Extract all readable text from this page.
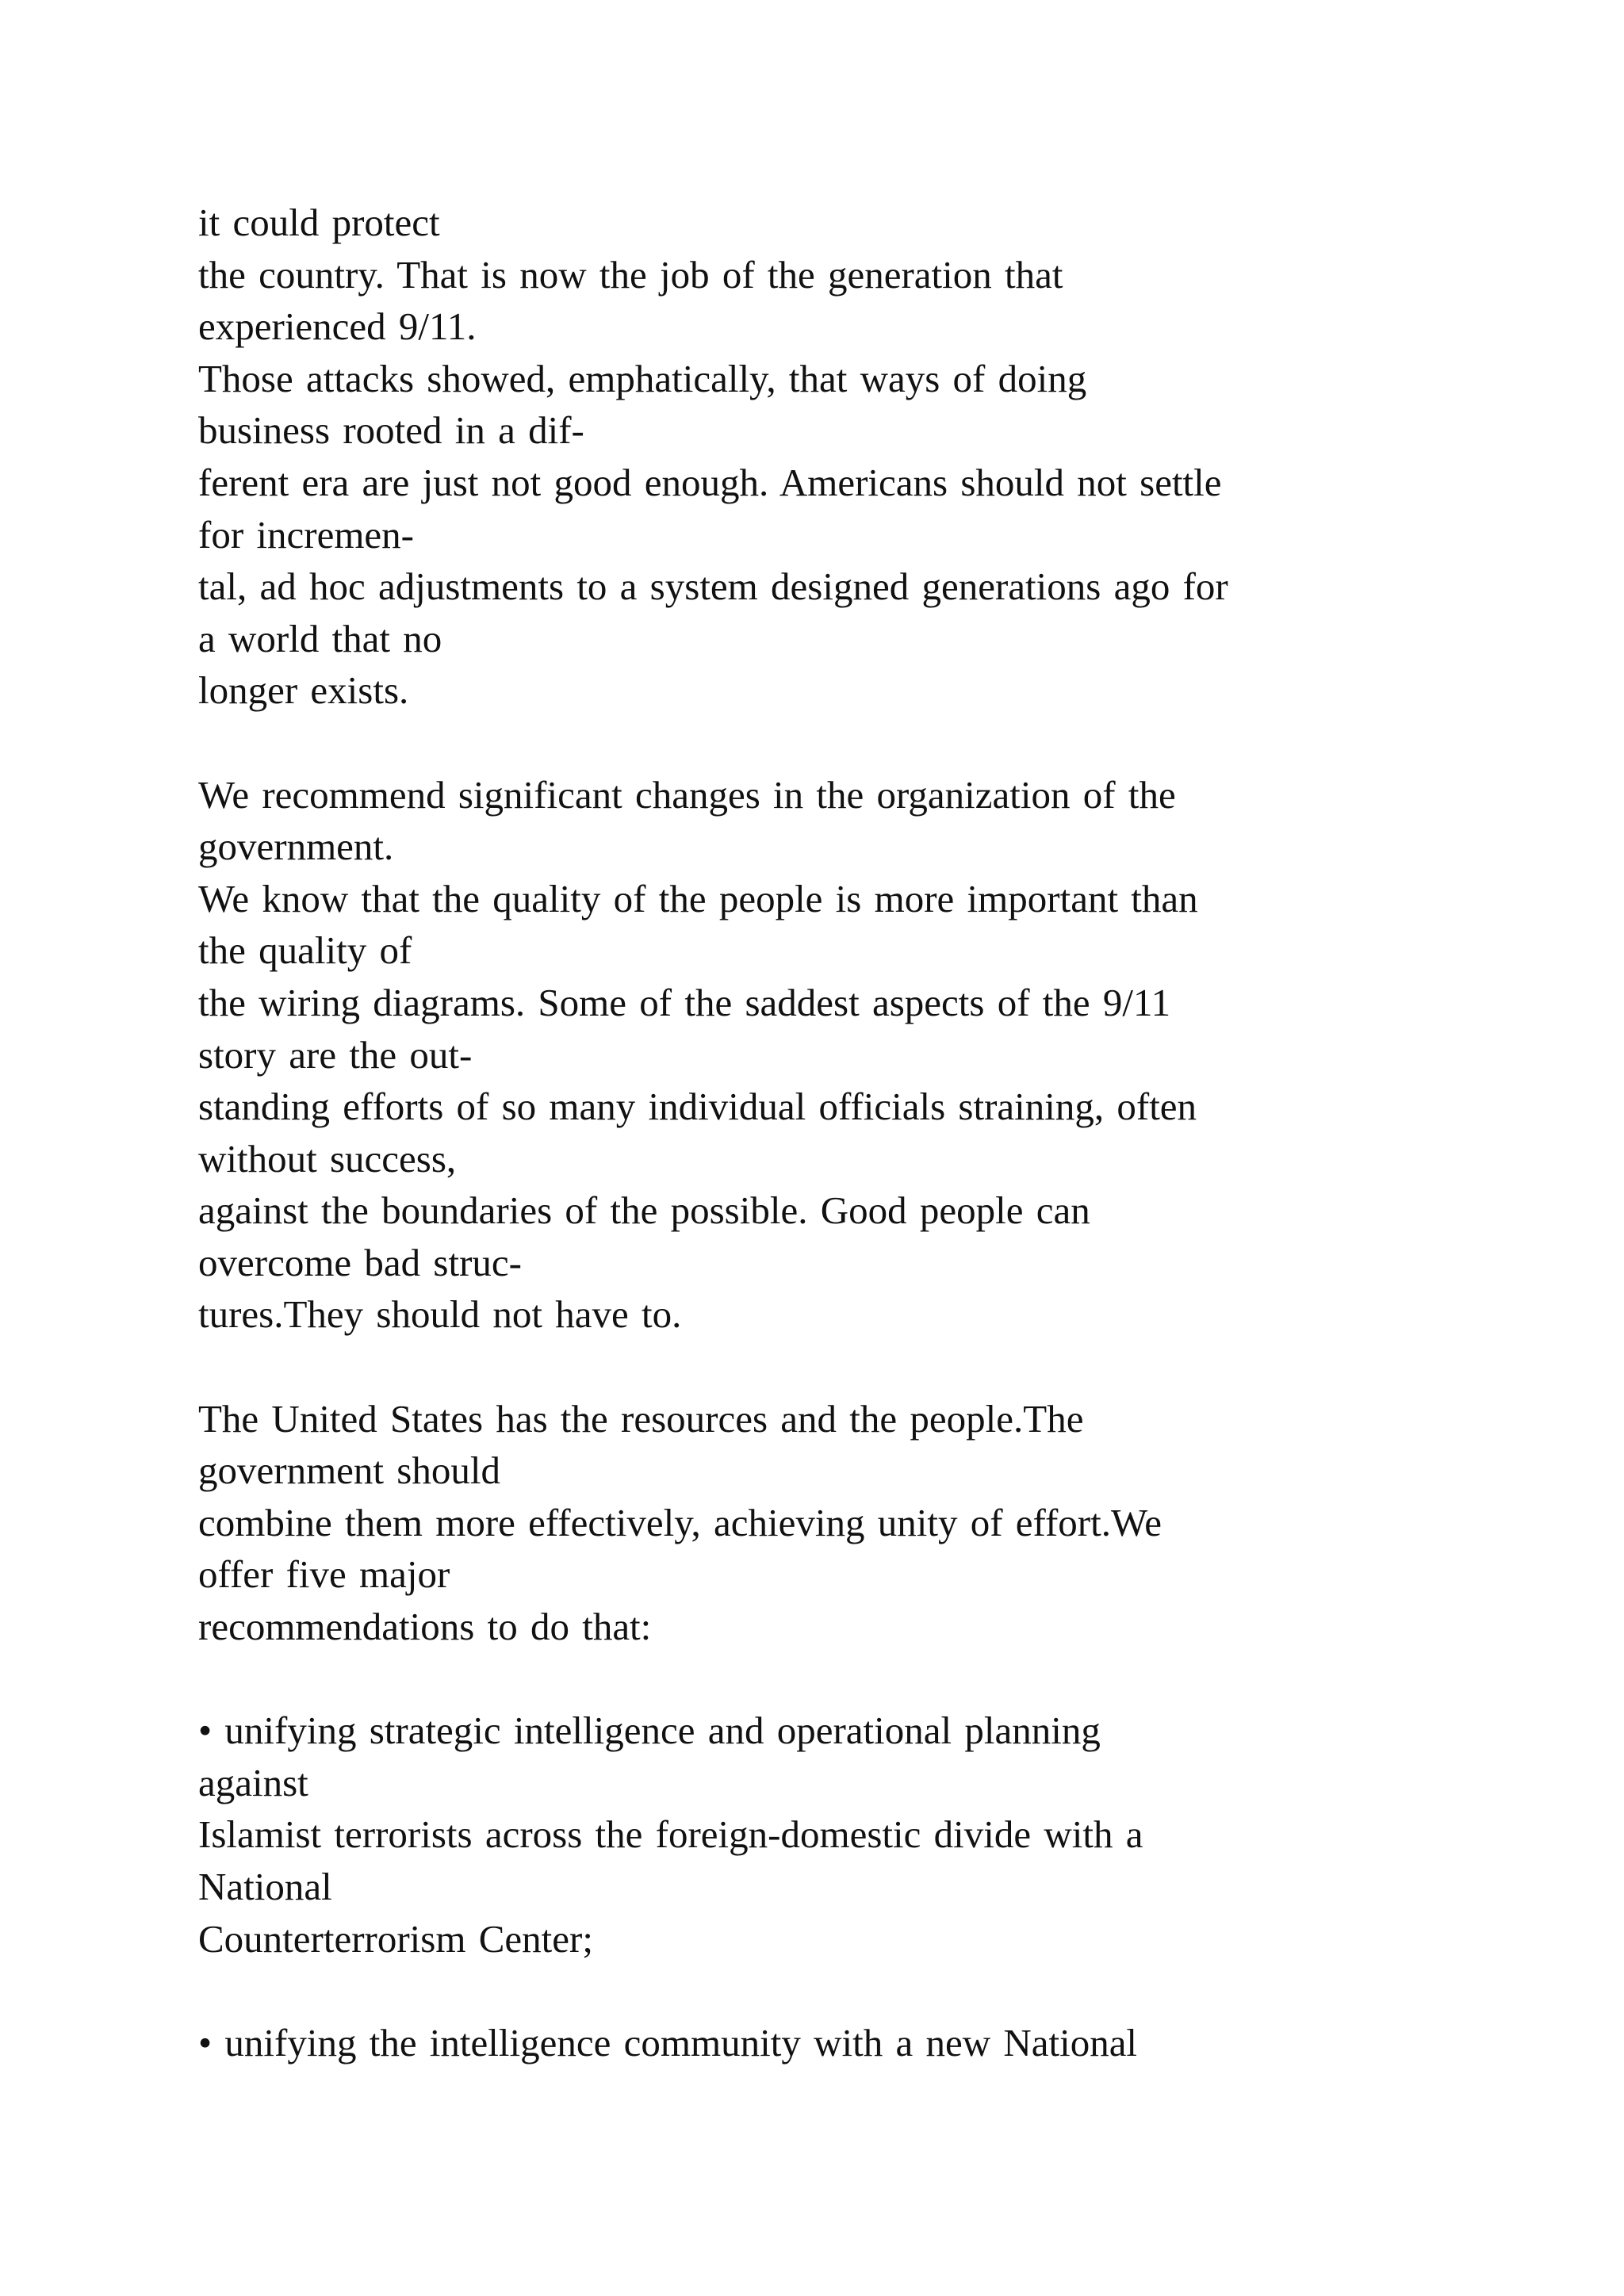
it could protect
the country. That is now the job of the generation that
experienced 9/11.
Those attacks showed, emphatically, that ways of doing
business rooted in a dif-
ferent era are just not good enough. Americans should not settle
for incremen-
tal, ad hoc adjustments to a system designed generations ago for
a world that no
longer exists.
We recommend significant changes in the organization of the
government.
We know that the quality of the people is more important than
the quality of
the wiring diagrams. Some of the saddest aspects of the 9/11
story are the out-
standing efforts of so many individual officials straining, often
without success,
against the boundaries of the possible. Good people can
overcome bad struc-
tures.They should not have to.
The United States has the resources and the people.The
government should
combine them more effectively, achieving unity of effort.We
offer five major
recommendations to do that:
• unifying strategic intelligence and operational planning
against
Islamist terrorists across the foreign-domestic divide with a
National
Counterterrorism Center;
• unifying the intelligence community with a new National
